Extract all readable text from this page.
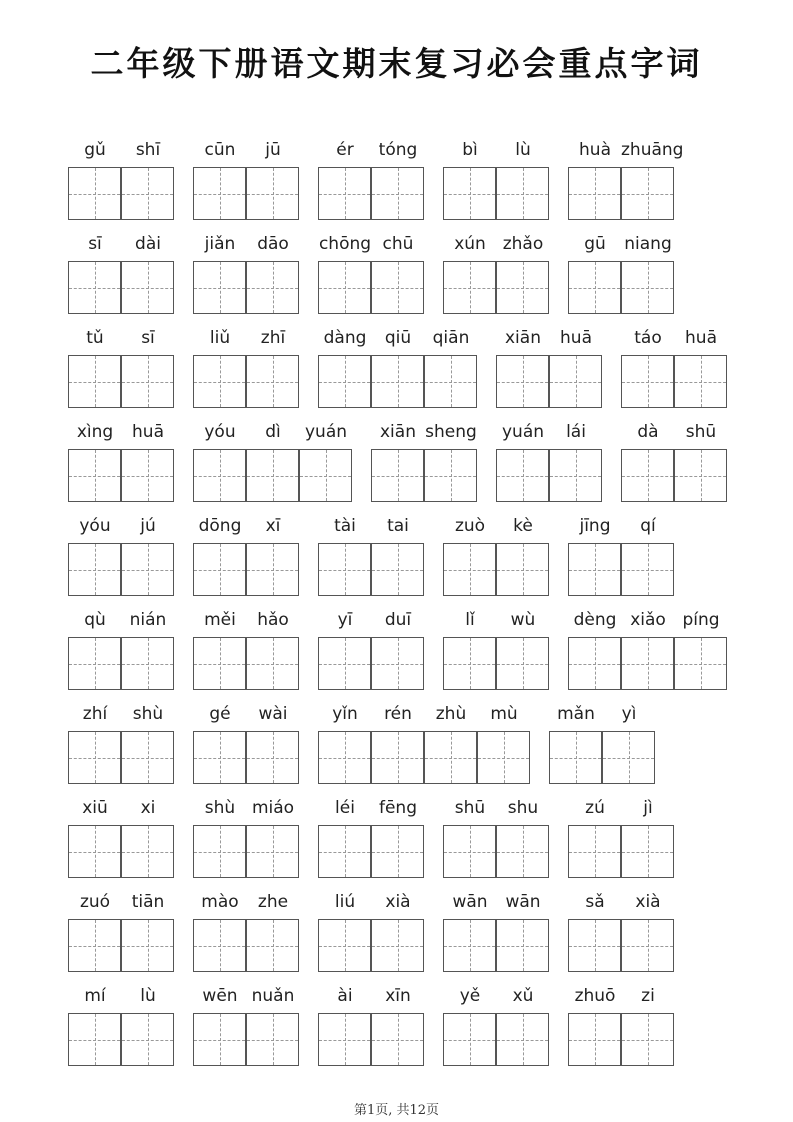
二年级下册语文期末复习必会重点字词
gǔ	shī	cūn	jū	ér	tóng	bì	lù	huà zhuāng
sī	dài	jiǎn	dāo	chōng chū	xún zhǎo	gū	niang
tǔ	sī	liǔ	zhī	dàng	qiū	qiān	xiān	huā	táo	huā
xìng	huā	yóu	dì	yuán	xiān sheng	yuán	lái	dà	shū
yóu	jú	dōng	xī	tài	tai	zuò	kè	jīng	qí
qù	nián	měi	hǎo	yī	duī	lǐ	wù	dèng xiǎo píng
zhí	shù	gé	wài	yǐn	rén	zhù	mù	mǎn	yì
xiū	xi	shù miáo	léi	fēng	shū	shu	zú	jì
zuó	tiān	mào	zhe	liú	xià	wān	wān	sǎ	xià
mí	lù	wēn nuǎn	ài	xīn	yě	xǔ	zhuō	zi
第1页, 共12页
